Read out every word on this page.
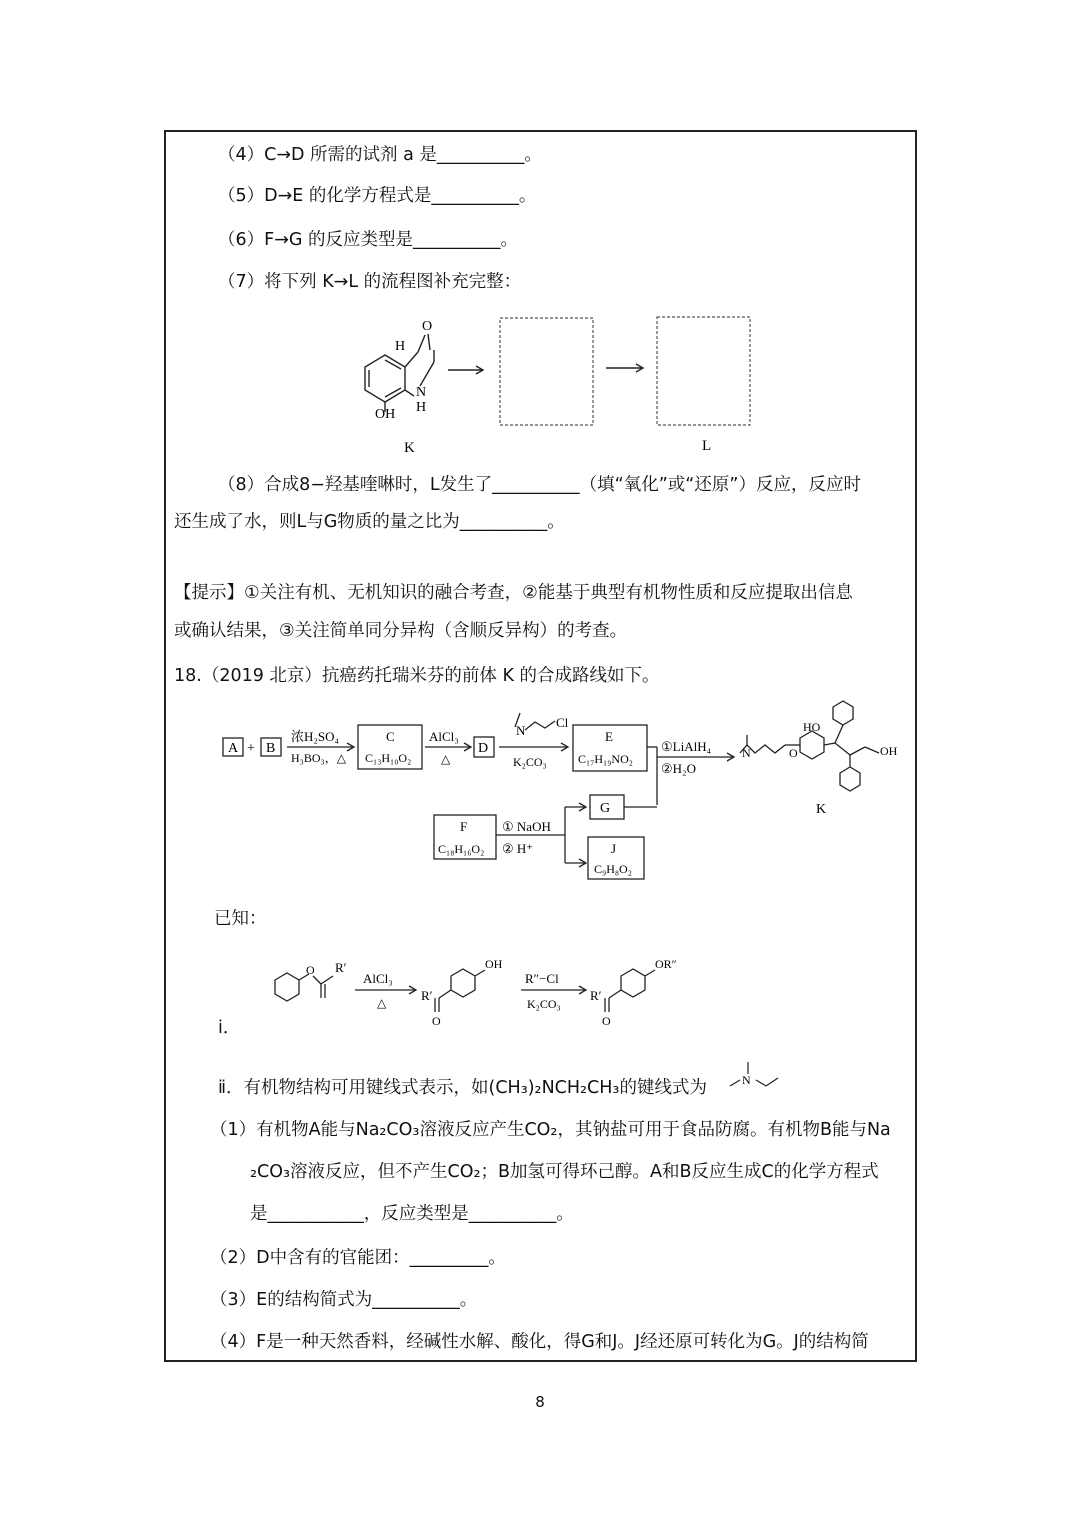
（4）C→D 所需的试剂 a 是__________。
（5）D→E 的化学方程式是__________。
（6）F→G 的反应类型是__________。
（7）将下列 K→L 的流程图补充完整：
O
H
N
H
OH
K	L
（8）合成8−羟基喹啉时，L发生了__________（填“氧化”或“还原”）反应，反应时
还生成了水，则L与G物质的量之比为__________。
【提示】①关注有机、无机知识的融合考查，②能基于典型有机物性质和反应提取出信息
或确认结果，③关注简单同分异构（含顺反异构）的考查。
18.（2019 北京）抗癌药托瑞米芬的前体 K 的合成路线如下。
A + B
浓H₂SO₄
H₃BO₃，△
C
C₁₃H₁₀O₂
AlCl₃
△
D
N
Cl
K₂CO₃
E
C₁₇H₁₉NO₂
①LiAlH₄
②H₂O
HO
OH
N	O
K
F
C₁₈H₁₆O₂
① NaOH
② H⁺
G
J
C₉H₈O₂
已知：
O R′
AlCl₃
△	R′
OH
O
R″−Cl
K₂CO₃
R′
OR″
O
i．
ⅱ．有机物结构可用键线式表示，如(CH₃)₂NCH₂CH₃的键线式为	N
（1）有机物A能与Na₂CO₃溶液反应产生CO₂，其钠盐可用于食品防腐。有机物B能与Na
₂CO₃溶液反应，但不产生CO₂；B加氢可得环己醇。A和B反应生成C的化学方程式
是___________，反应类型是__________。
（2）D中含有的官能团：_________。
（3）E的结构简式为__________。
（4）F是一种天然香料，经碱性水解、酸化，得G和J。J经还原可转化为G。J的结构简
8
